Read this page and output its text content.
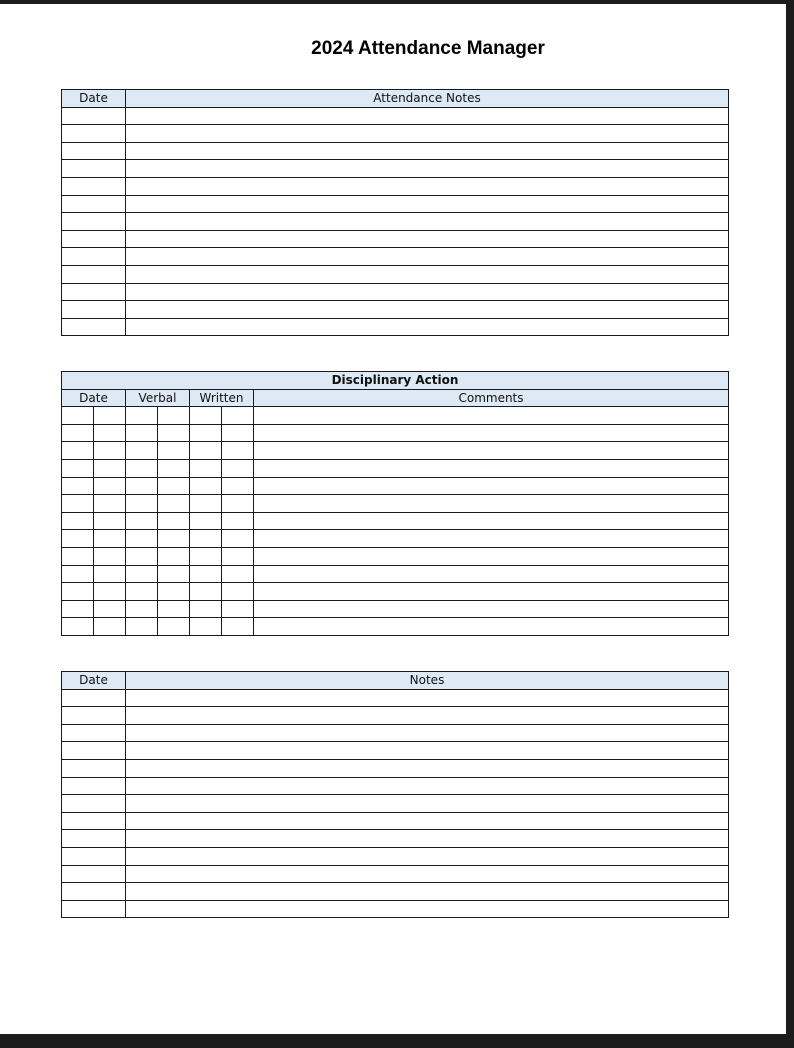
2024 Attendance Manager
Date	Attendance Notes

Disciplinary Action						
Date		Verbal		Written		Comments

Date	Notes
